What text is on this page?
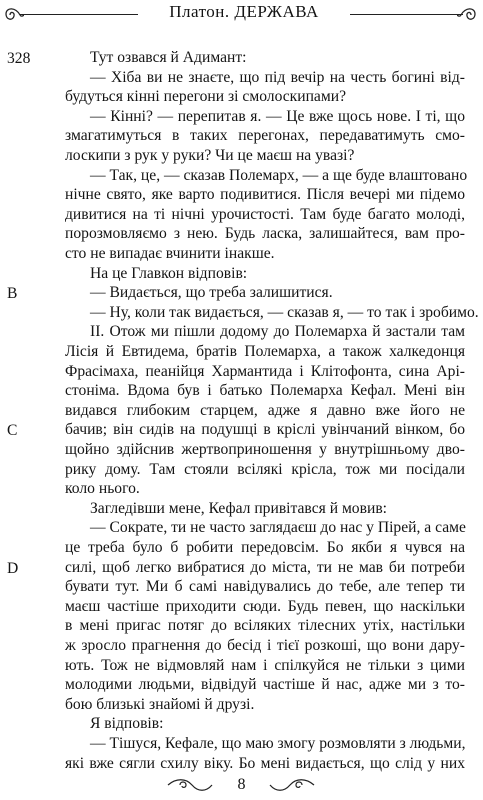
Платон. ДЕРЖАВА
328
B
C
D
Тут озвався й Адимант:
— Хіба ви не знаєте, що під вечір на честь богині від-
будуться кінні перегони зі смолоскипами?
— Кінні? — перепитав я. — Це вже щось нове. І ті, що
змагатимуться в таких перегонах, передаватимуть смо-
лоскипи з рук у руки? Чи це маєш на увазі?
— Так, це, — сказав Полемарх, — а ще буде влаштовано
нічне свято, яке варто подивитися. Після вечері ми підемо
дивитися на ті нічні урочистості. Там буде багато молоді,
порозмовляємо з нею. Будь ласка, залишайтеся, вам про-
сто не випадає вчинити інакше.
На це Главкон відповів:
— Видається, що треба залишитися.
— Ну, коли так видається, — сказав я, — то так і зробимо.
II. Отож ми пішли додому до Полемарха й застали там
Лісія й Евтидема, братів Полемарха, а також халкедонця
Фрасімаха, пеанійця Хармантида і Клітофонта, сина Арі-
стоніма. Вдома був і батько Полемарха Кефал. Мені він
видався глибоким старцем, адже я давно вже його не
бачив; він сидів на подушці в кріслі увінчаний вінком, бо
щойно здійснив жертвоприношення у внутрішньому дво-
рику дому. Там стояли всілякі крісла, тож ми посідали
коло нього.
Загледівши мене, Кефал привітався й мовив:
— Сократе, ти не часто заглядаєш до нас у Пірей, а саме
це треба було б робити передовсім. Бо якби я чувся на
силі, щоб легко вибратися до міста, ти не мав би потреби
бувати тут. Ми б самі навідувались до тебе, але тепер ти
маєш частіше приходити сюди. Будь певен, що наскільки
в мені пригас потяг до всіляких тілесних утіх, настільки
ж зросло прагнення до бесід і тієї розкоші, що вони дару-
ють. Тож не відмовляй нам і спілкуйся не тільки з цими
молодими людьми, відвідуй частіше й нас, адже ми з то-
бою близькі знайомі й друзі.
Я відповів:
— Тішуся, Кефале, що маю змогу розмовляти з людьми,
які вже сягли схилу віку. Бо мені видається, що слід у них
8
